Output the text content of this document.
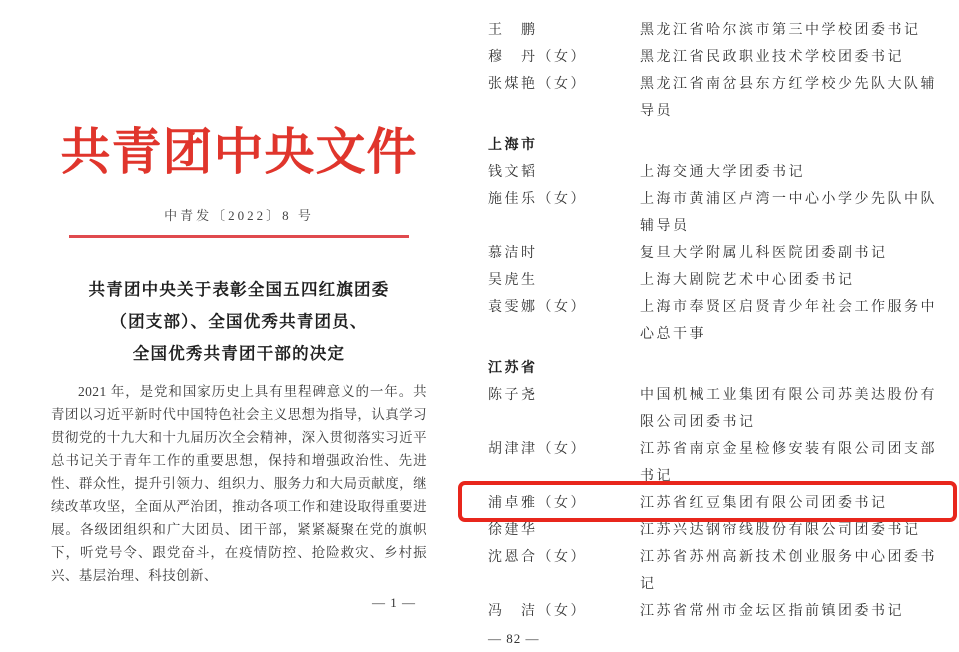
共青团中央文件
中青发〔2022〕8 号
共青团中央关于表彰全国五四红旗团委
（团支部）、全国优秀共青团员、
全国优秀共青团干部的决定
2021 年，是党和国家历史上具有里程碑意义的一年。共青团以习近平新时代中国特色社会主义思想为指导，认真学习贯彻党的十九大和十九届历次全会精神，深入贯彻落实习近平总书记关于青年工作的重要思想，保持和增强政治性、先进性、群众性，提升引领力、组织力、服务力和大局贡献度，继续改革攻坚，全面从严治团，推动各项工作和建设取得重要进展。各级团组织和广大团员、团干部，紧紧凝聚在党的旗帜下，听党号令、跟党奋斗，在疫情防控、抢险救灾、乡村振兴、基层治理、科技创新、
— 1 —
王　鹏	黑龙江省哈尔滨市第三中学校团委书记
穆　丹（女）	黑龙江省民政职业技术学校团委书记
张煤艳（女）	黑龙江省南岔县东方红学校少先队大队辅导员
上海市
钱文韬	上海交通大学团委书记
施佳乐（女）	上海市黄浦区卢湾一中心小学少先队中队辅导员
慕洁时	复旦大学附属儿科医院团委副书记
吴虎生	上海大剧院艺术中心团委书记
袁雯娜（女）	上海市奉贤区启贤青少年社会工作服务中心总干事
江苏省
陈子尧	中国机械工业集团有限公司苏美达股份有限公司团委书记
胡津津（女）	江苏省南京金星检修安装有限公司团支部书记
浦卓雅（女）	江苏省红豆集团有限公司团委书记
徐建华	江苏兴达钢帘线股份有限公司团委书记
沈恩合（女）	江苏省苏州高新技术创业服务中心团委书记
冯　洁（女）	江苏省常州市金坛区指前镇团委书记
— 82 —
